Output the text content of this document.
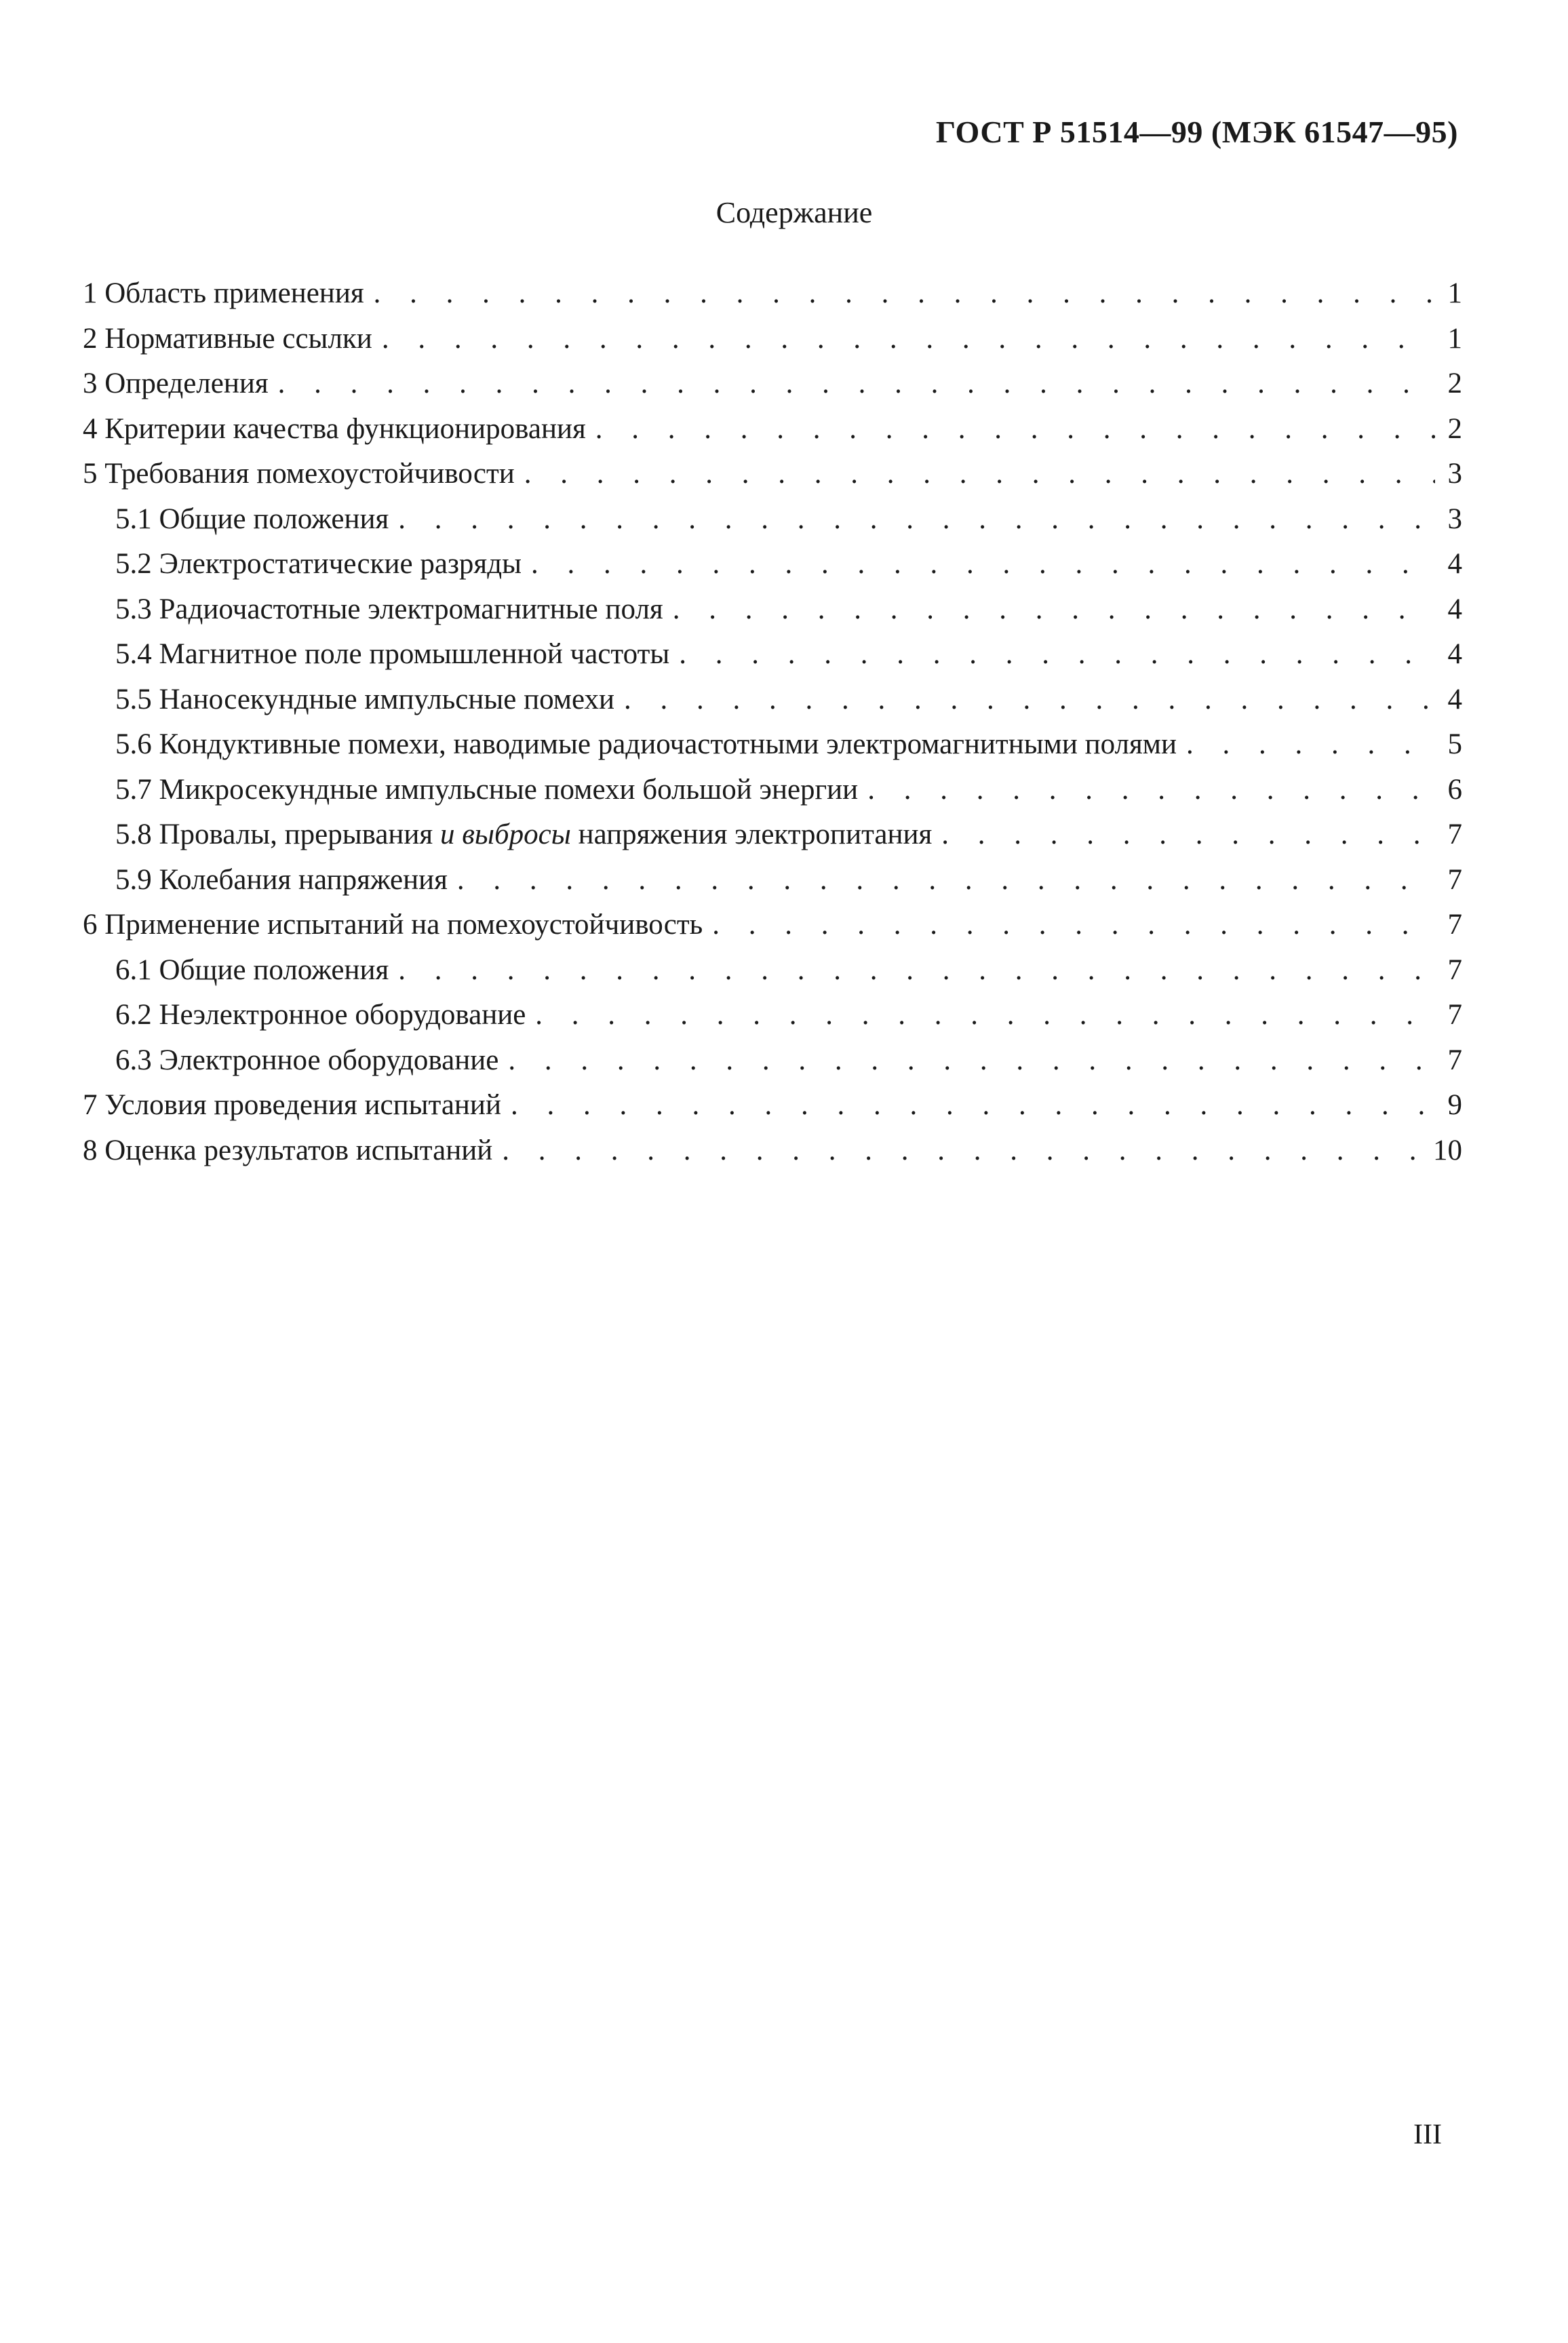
ГОСТ Р 51514—99 (МЭК 61547—95)
Содержание
1 Область применения . . .	1
2 Нормативные ссылки . . .	1
3 Определения . . .	2
4 Критерии качества функционирования . . .	2
5 Требования помехоустойчивости . . .	3
5.1 Общие положения . . .	3
5.2 Электростатические разряды . . .	4
5.3 Радиочастотные электромагнитные поля . . .	4
5.4 Магнитное поле промышленной частоты . . .	4
5.5 Наносекундные импульсные помехи . . .	4
5.6 Кондуктивные помехи, наводимые радиочастотными электромагнитными полями . . .	5
5.7 Микросекундные импульсные помехи большой энергии . . .	6
5.8 Провалы, прерывания и выбросы напряжения электропитания . . .	7
5.9 Колебания напряжения . . .	7
6 Применение испытаний на помехоустойчивость . . .	7
6.1 Общие положения . . .	7
6.2 Неэлектронное оборудование . . .	7
6.3 Электронное оборудование . . .	7
7 Условия проведения испытаний . . .	9
8 Оценка результатов испытаний . . .	10
III
